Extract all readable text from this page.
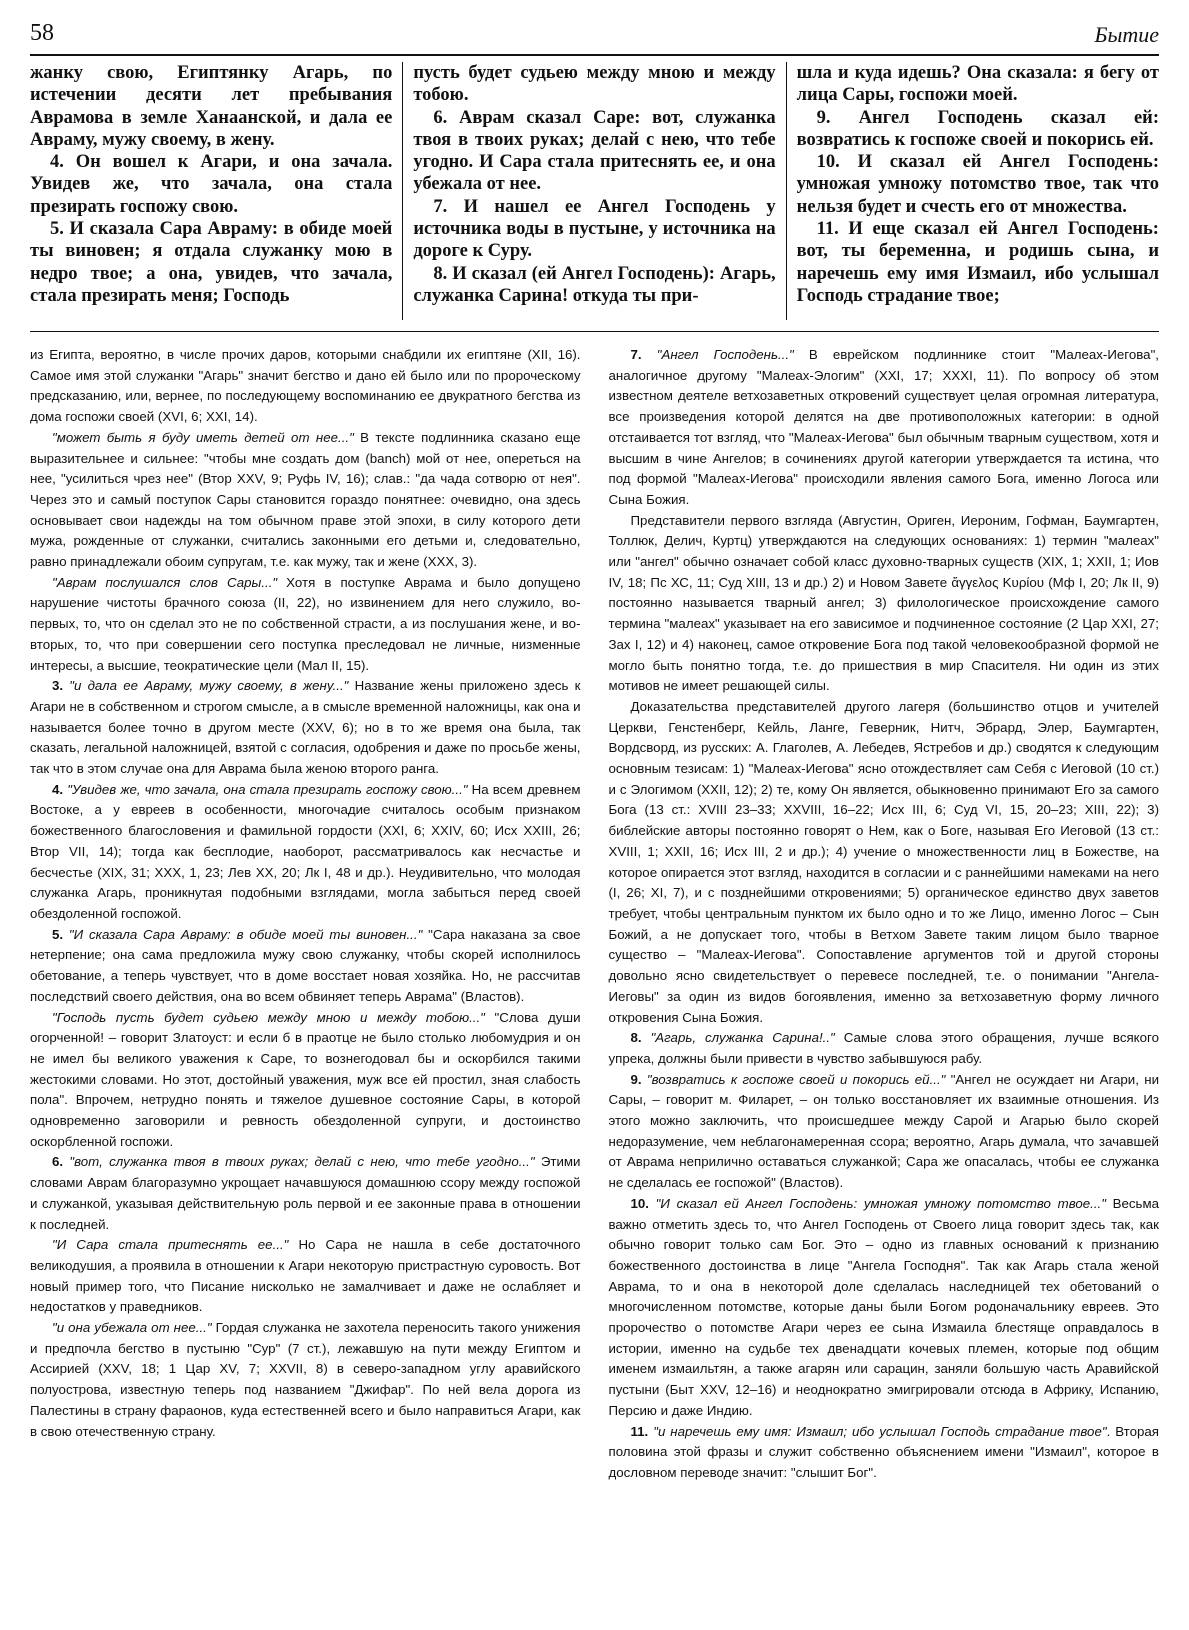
58	Бытие

жанку свою, Египтянку Агарь, по истечении десяти лет пребывания Аврамова в земле Ханаанской, и дала ее Авраму, мужу своему, в жену.

4. Он вошел к Агари, и она зачала. Увидев же, что зачала, она стала презирать госпожу свою.

5. И сказала Сара Авраму: в обиде моей ты виновен; я отдала служанку мою в недро твое; а она, увидев, что зачала, стала презирать меня; Господь

пусть будет судьею между мною и между тобою.

6. Аврам сказал Саре: вот, служанка твоя в твоих руках; делай с нею, что тебе угодно. И Сара стала притеснять ее, и она убежала от нее.

7. И нашел ее Ангел Господень у источника воды в пустыне, у источника на дороге к Суру.

8. И сказал (ей Ангел Господень): Агарь, служанка Сарина! откуда ты при-

шла и куда идешь? Она сказала: я бегу от лица Сары, госпожи моей.

9. Ангел Господень сказал ей: возвратись к госпоже своей и покорись ей.

10. И сказал ей Ангел Господень: умножая умножу потомство твое, так что нельзя будет и счесть его от множества.

11. И еще сказал ей Ангел Господень: вот, ты беременна, и родишь сына, и наречешь ему имя Измаил, ибо услышал Господь страдание твое;

из Египта, вероятно, в числе прочих даров, которыми снабдили их египтяне (XII, 16). Самое имя этой служанки "Агарь" значит бегство и дано ей было или по пророческому предсказанию, или, вернее, по последующему воспоминанию ее двукратного бегства из дома госпожи своей (XVI, 6; XXI, 14).

"может быть я буду иметь детей от нее..." В тексте подлинника сказано еще выразительнее и сильнее: "чтобы мне создать дом (banch) мой от нее, опереться на нее, "усилиться чрез нее" (Втор XXV, 9; Руфь IV, 16); слав.: "да чада сотворю от нея". Через это и самый поступок Сары становится гораздо понятнее: очевидно, она здесь основывает свои надежды на том обычном праве этой эпохи, в силу которого дети мужа, рожденные от служанки, считались законными его детьми и, следовательно, равно принадлежали обоим супругам, т.е. как мужу, так и жене (XXX, 3).

"Аврам послушался слов Сары..." Хотя в поступке Аврама и было допущено нарушение чистоты брачного союза (II, 22), но извинением для него служило, во-первых, то, что он сделал это не по собственной страсти, а из послушания жене, и во-вторых, то, что при совершении сего поступка преследовал не личные, низменные интересы, а высшие, теократические цели (Мал II, 15).

3. "и дала ее Авраму, мужу своему, в жену..." Название жены приложено здесь к Агари не в собственном и строгом смысле, а в смысле временной наложницы, как она и называется более точно в другом месте (XXV, 6); но в то же время она была, так сказать, легальной наложницей, взятой с согласия, одобрения и даже по просьбе жены, так что в этом случае она для Аврама была женою второго ранга.

4. "Увидев же, что зачала, она стала презирать госпожу свою..." На всем древнем Востоке, а у евреев в особенности, многочадие считалось особым признаком божественного благословения и фамильной гордости (XXI, 6; XXIV, 60; Исх XXIII, 26; Втор VII, 14); тогда как бесплодие, наоборот, рассматривалось как несчастье и бесчестье (XIX, 31; XXX, 1, 23; Лев XX, 20; Лк I, 48 и др.). Неудивительно, что молодая служанка Агарь, проникнутая подобными взглядами, могла забыться перед своей обездоленной госпожой.

5. "И сказала Сара Авраму: в обиде моей ты виновен..." "Сара наказана за свое нетерпение; она сама предложила мужу свою служанку, чтобы скорей исполнилось обетование, а теперь чувствует, что в доме восстает новая хозяйка. Но, не рассчитав последствий своего действия, она во всем обвиняет теперь Аврама" (Властов).

"Господь пусть будет судьею между мною и между тобою..." "Слова души огорченной! – говорит Златоуст: и если б в праотце не было столько любомудрия и он не имел бы великого уважения к Саре, то вознегодовал бы и оскорбился такими жестокими словами. Но этот, достойный уважения, муж все ей простил, зная слабость пола". Впрочем, нетрудно понять и тяжелое душевное состояние Сары, в которой одновременно заговорили и ревность обездоленной супруги, и достоинство оскорбленной госпожи.

6. "вот, служанка твоя в твоих руках; делай с нею, что тебе угодно..." Этими словами Аврам благоразумно укрощает начавшуюся домашнюю ссору между госпожой и служанкой, указывая действительную роль первой и ее законные права в отношении к последней.

"И Сара стала притеснять ее..." Но Сара не нашла в себе достаточного великодушия, а проявила в отношении к Агари некоторую пристрастную суровость. Вот новый пример того, что Писание нисколько не замалчивает и даже не ослабляет и недостатков у праведников.

"и она убежала от нее..." Гордая служанка не захотела переносить такого унижения и предпочла бегство в пустыню "Сур" (7 ст.), лежавшую на пути между Египтом и Ассирией (XXV, 18; 1 Цар XV, 7; XXVII, 8) в северо-западном углу аравийского полуострова, известную теперь под названием "Джифар". По ней вела дорога из Палестины в страну фараонов, куда естественней всего и было направиться Агари, как в свою отечественную страну.

7. "Ангел Господень..." В еврейском подлиннике стоит "Малеах-Иегова", аналогичное другому "Малеах-Элогим" (XXI, 17; XXXI, 11). По вопросу об этом известном деятеле ветхозаветных откровений существует целая огромная литература, все произведения которой делятся на две противоположных категории: в одной отстаивается тот взгляд, что "Малеах-Иегова" был обычным тварным существом, хотя и высшим в чине Ангелов; в сочинениях другой категории утверждается та истина, что под формой "Малеах-Иегова" происходили явления самого Бога, именно Логоса или Сына Божия.

Представители первого взгляда (Августин, Ориген, Иероним, Гофман, Баумгартен, Толлюк, Делич, Куртц) утверждаются на следующих основаниях: 1) термин "малеах" или "ангел" обычно означает собой класс духовно-тварных существ (XIX, 1; XXII, 1; Иов IV, 18; Пс ХС, 11; Суд XIII, 13 и др.) 2) и Новом Завете ἄγγελος Κυρίου (Мф I, 20; Лк II, 9) постоянно называется тварный ангел; 3) филологическое происхождение самого термина "малеах" указывает на его зависимое и подчиненное состояние (2 Цар XXI, 27; Зах I, 12) и 4) наконец, самое откровение Бога под такой человекообразной формой не могло быть понятно тогда, т.е. до пришествия в мир Спасителя. Ни один из этих мотивов не имеет решающей силы.

Доказательства представителей другого лагеря (большинство отцов и учителей Церкви, Генстенберг, Кейль, Ланге, Геверник, Нитч, Эбрард, Элер, Баумгартен, Вордсворд, из русских: А. Глаголев, А. Лебедев, Ястребов и др.) сводятся к следующим основным тезисам: 1) "Малеах-Иегова" ясно отождествляет сам Себя с Иеговой (10 ст.) и с Элогимом (XXII, 12); 2) те, кому Он является, обыкновенно принимают Его за самого Бога (13 ст.: XVIII 23–33; XXVIII, 16–22; Исх III, 6; Суд VI, 15, 20–23; XIII, 22); 3) библейские авторы постоянно говорят о Нем, как о Боге, называя Его Иеговой (13 ст.: XVIII, 1; XXII, 16; Исх III, 2 и др.); 4) учение о множественности лиц в Божестве, на которое опирается этот взгляд, находится в согласии и с раннейшими намеками на него (I, 26; XI, 7), и с позднейшими откровениями; 5) органическое единство двух заветов требует, чтобы центральным пунктом их было одно и то же Лицо, именно Логос – Сын Божий, а не допускает того, чтобы в Ветхом Завете таким лицом было тварное существо – "Малеах-Иегова". Сопоставление аргументов той и другой стороны довольно ясно свидетельствует о перевесе последней, т.е. о понимании "Ангела-Иеговы" за один из видов богоявления, именно за ветхозаветную форму личного откровения Сына Божия.

8. "Агарь, служанка Сарина!.." Самые слова этого обращения, лучше всякого упрека, должны были привести в чувство забывшуюся рабу.

9. "возвратись к госпоже своей и покорись ей..." "Ангел не осуждает ни Агари, ни Сары, – говорит м. Филарет, – он только восстановляет их взаимные отношения. Из этого можно заключить, что происшедшее между Сарой и Агарью было скорей недоразумение, чем неблагонамеренная ссора; вероятно, Агарь думала, что зачавшей от Аврама неприлично оставаться служанкой; Сара же опасалась, чтобы ее служанка не сделалась ее госпожой" (Властов).

10. "И сказал ей Ангел Господень: умножая умножу потомство твое..." Весьма важно отметить здесь то, что Ангел Господень от Своего лица говорит здесь так, как обычно говорит только сам Бог. Это – одно из главных оснований к признанию божественного достоинства в лице "Ангела Господня". Так как Агарь стала женой Аврама, то и она в некоторой доле сделалась наследницей тех обетований о многочисленном потомстве, которые даны были Богом родоначальнику евреев. Это пророчество о потомстве Агари через ее сына Измаила блестяще оправдалось в истории, именно на судьбе тех двенадцати кочевых племен, которые под общим именем измаильтян, а также агарян или сарацин, заняли большую часть Аравийской пустыни (Быт XXV, 12–16) и неоднократно эмигрировали отсюда в Африку, Испанию, Персию и даже Индию.

11. "и наречешь ему имя: Измаил; ибо услышал Господь страдание твое". Вторая половина этой фразы и служит собственно объяснением имени "Измаил", которое в дословном переводе значит: "слышит Бог".
